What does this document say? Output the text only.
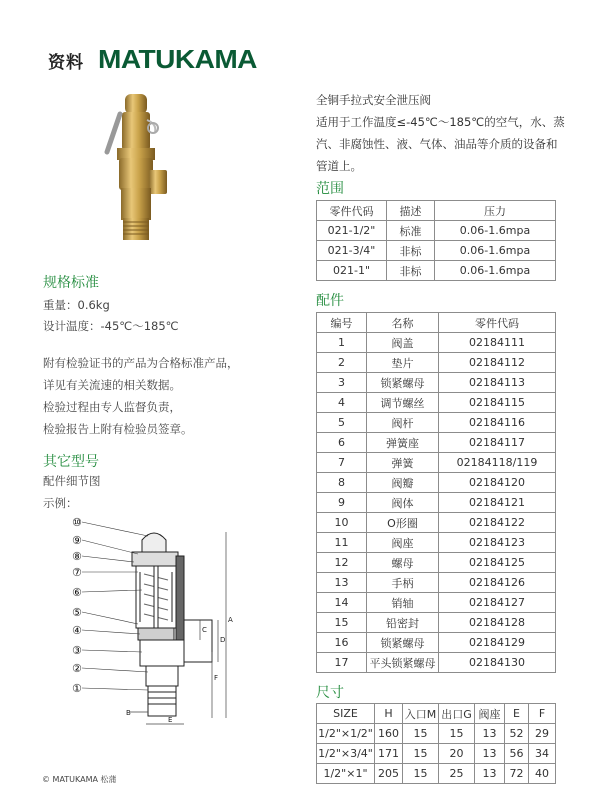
资料 MATUKAMA
规格标准
重量：0.6kg
设计温度：-45℃～185℃
附有检验证书的产品为合格标准产品，
详见有关流速的相关数据。
检验过程由专人监督负责，
检验报告上附有检验员签章。
其它型号
配件细节图
示例：
A
C
D
F
B
E
⑩
⑨
⑧
⑦
⑥
⑤
④
③
②
①
全铜手拉式安全泄压阀
适用于工作温度≤-45℃～185℃的空气，水、蒸汽、非腐蚀性、液、气体、油品等介质的设备和管道上。
范围
零件代码	描述	压力
021-1/2"	标准	0.06-1.6mpa
021-3/4"	非标	0.06-1.6mpa
021-1"	非标	0.06-1.6mpa
配件
编号	名称	零件代码
1	阀盖	02184111
2	垫片	02184112
3	锁紧螺母	02184113
4	调节螺丝	02184115
5	阀杆	02184116
6	弹簧座	02184117
7	弹簧	02184118/119
8	阀瓣	02184120
9	阀体	02184121
10	O形圈	02184122
11	阀座	02184123
12	螺母	02184125
13	手柄	02184126
14	销轴	02184127
15	铅密封	02184128
16	锁紧螺母	02184129
17	平头锁紧螺母	02184130
尺寸
SIZE	H	入口M	出口G	阀座	E	F
1/2"×1/2"	160	15	15	13	52	29
1/2"×3/4"	171	15	20	13	56	34
1/2"×1"	205	15	25	13	72	40
© MATUKAMA 松蒲
